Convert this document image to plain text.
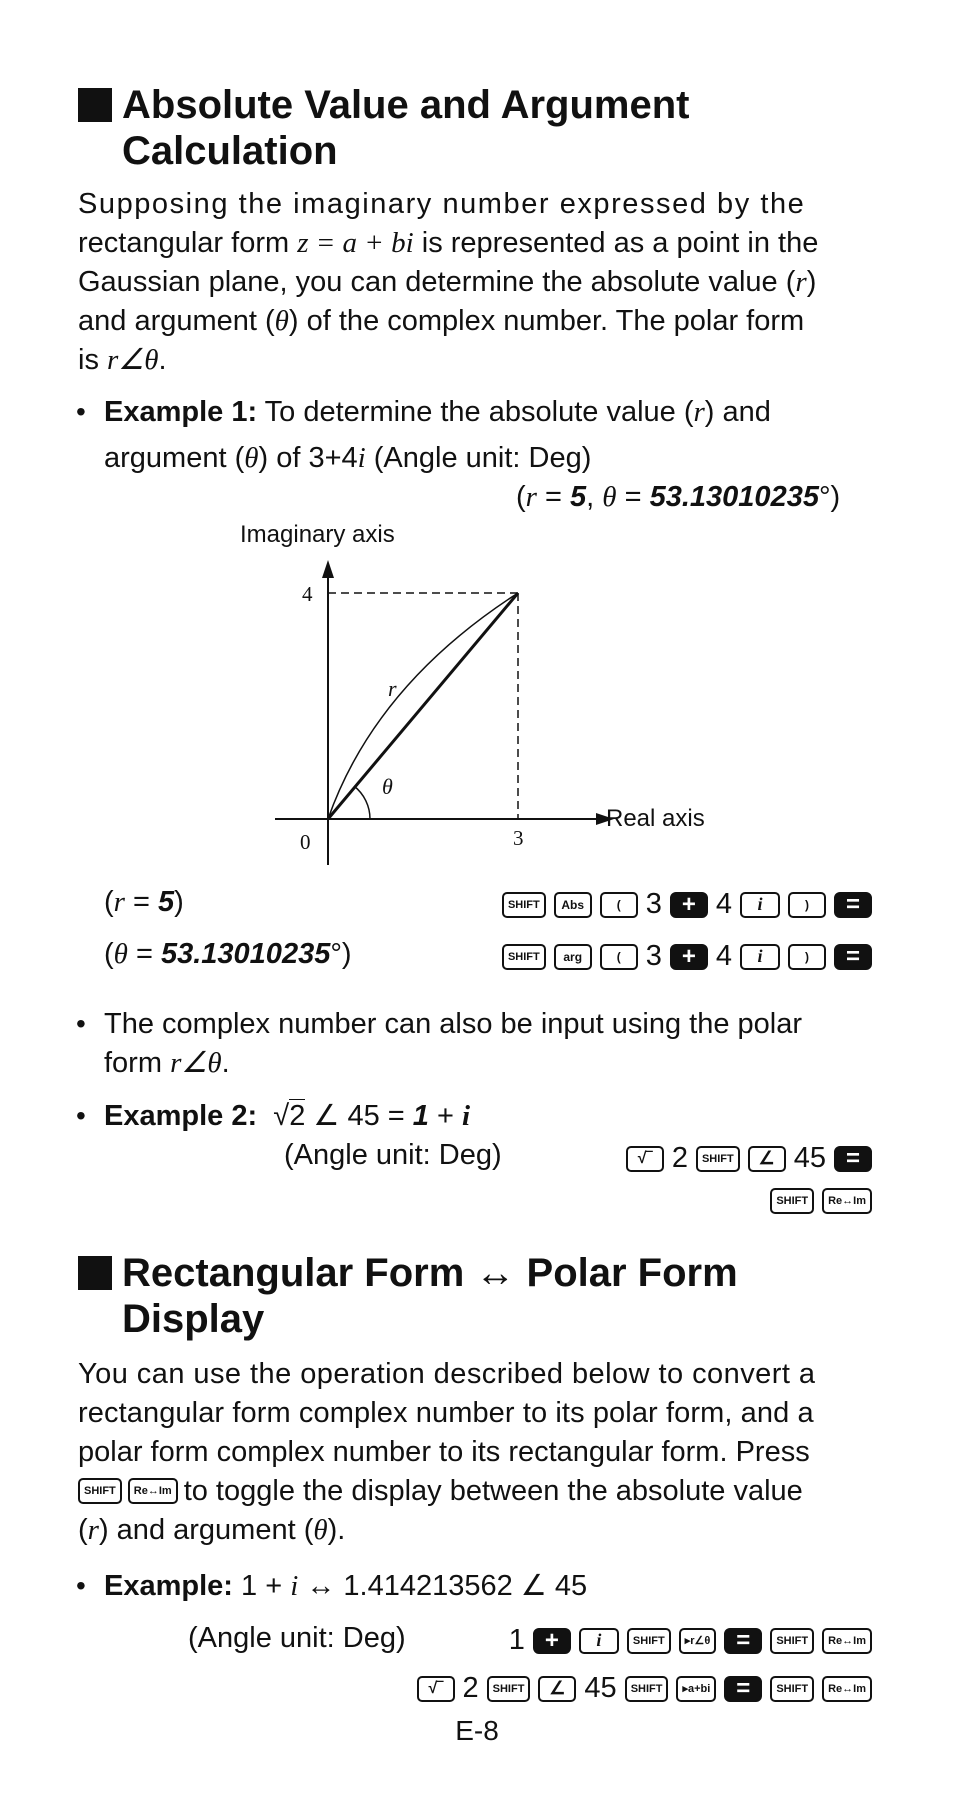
Absolute Value and Argument
Calculation
Supposing the imaginary number expressed by the
rectangular form z = a + bi is represented as a point in the
Gaussian plane, you can determine the absolute value (r)
and argument (θ) of the complex number. The polar form
is r∠θ.
• Example 1: To determine the absolute value (r) and
argument (θ) of 3+4i (Angle unit: Deg)
(r = 5, θ = 53.13010235°)
Imaginary axis
Real axis
r
θ
4
3
0
(r = 5)	SHIFT	Abs	( 3 + 4	i	)	=
(θ = 53.13010235°)	SHIFT	arg	( 3 + 4	i	)	=
• The complex number can also be input using the polar
form r∠θ.
• Example 2: √2 ∠ 45 = 1 + i
(Angle unit: Deg)	√‾ 2	SHIFT	∠ 45 =
SHIFT	Re↔Im
Rectangular Form ↔ Polar Form
Display
You can use the operation described below to convert a
rectangular form complex number to its polar form, and a
polar form complex number to its rectangular form. Press
SHIFT	Re↔Im to toggle the display between the absolute value
(r) and argument (θ).
• Example: 1 + i ↔ 1.414213562 ∠ 45
(Angle unit: Deg)	1 +	i	SHIFT	▸r∠θ	=	SHIFT	Re↔Im
√‾ 2	SHIFT	∠ 45	SHIFT	▸a+bi	=	SHIFT	Re↔Im
E-8
